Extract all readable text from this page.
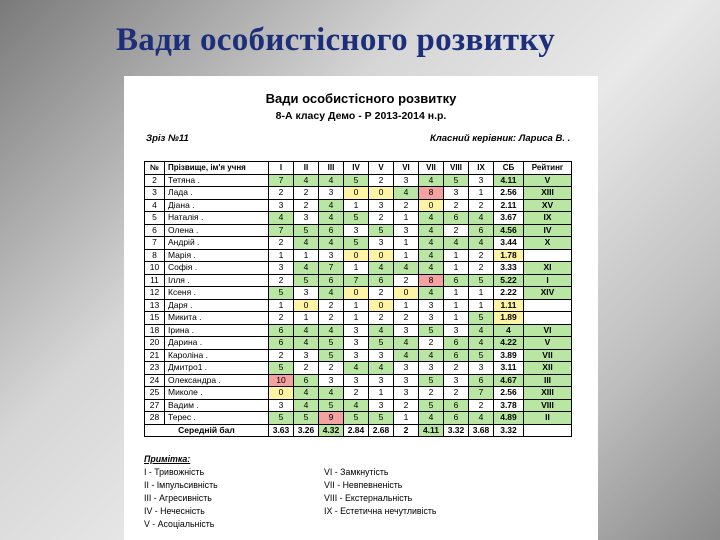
Вади особистісного розвитку
Вади особистісного розвитку
8-А класу Демо - Р 2013-2014 н.р.
Зріз №11	Класний керівник: Лариса В. .
№	Прізвище, ім'я учня	I	II	III	IV	V	VI	VII	VIII	IX	СБ	Рейтинг
2	Тетяна .	7	4	4	5	2	3	4	5	3	4.11	V
3	Лада .	2	2	3	0	0	4	8	3	1	2.56	XIII
4	Діана .	3	2	4	1	3	2	0	2	2	2.11	XV
5	Наталія .	4	3	4	5	2	1	4	6	4	3.67	IX
6	Олена .	7	5	6	3	5	3	4	2	6	4.56	IV
7	Андрій .	2	4	4	5	3	1	4	4	4	3.44	X
8	Марія .	1	1	3	0	0	1	4	1	2	1.78	
10	Софія .	3	4	7	1	4	4	4	1	2	3.33	XI
11	Ілля .	2	5	6	7	6	2	8	6	5	5.22	I
12	Ксеня .	5	3	4	0	2	0	4	1	1	2.22	XIV
13	Даря .	1	0	2	1	0	1	3	1	1	1.11	
15	Микита .	2	1	2	1	2	2	3	1	5	1.89	
18	Ірина .	6	4	4	3	4	3	5	3	4	4	VI
20	Дарина .	6	4	5	3	5	4	2	6	4	4.22	V
21	Каролiна .	2	3	5	3	3	4	4	6	5	3.89	VII
23	Дмитро1 .	5	2	2	4	4	3	3	2	3	3.11	XII
24	Олександра .	10	6	3	3	3	3	5	3	6	4.67	III
25	Миколе .	0	4	4	2	1	3	2	2	7	2.56	XIII
27	Вадим .	3	4	5	4	3	2	5	6	2	3.78	VIII
28	Терес .	5	5	9	5	5	1	4	6	4	4.89	II
Середній бал		3.63	3.26	4.32	2.84	2.68	2	4.11	3.32	3.68	3.32	
Примітка:
I - Тривожність
II - Імпульсивність
III - Агресивність
IV - Нечесність
V - Асоціальність
VI - Замкнутість
VII - Невпевненість
VIII - Екстернальність
IX - Естетична нечутливість
